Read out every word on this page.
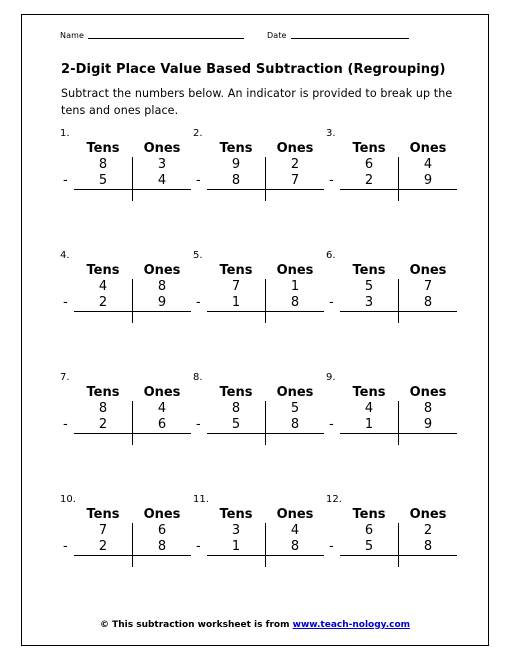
Name	Date
2-Digit Place Value Based Subtraction (Regrouping)

Subtract the numbers below. An indicator is provided to break up the tens and ones place.

1.
Tens	Ones
8	3
-	5	4
2.
Tens	Ones
9	2
-	8	7
3.
Tens	Ones
6	4
-	2	9
4.
Tens	Ones
4	8
-	2	9
5.
Tens	Ones
7	1
-	1	8
6.
Tens	Ones
5	7
-	3	8
7.
Tens	Ones
8	4
-	2	6
8.
Tens	Ones
8	5
-	5	8
9.
Tens	Ones
4	8
-	1	9
10.
Tens	Ones
7	6
-	2	8
11.
Tens	Ones
3	4
-	1	8
12.
Tens	Ones
6	2
-	5	8
© This subtraction worksheet is from www.teach-nology.com
